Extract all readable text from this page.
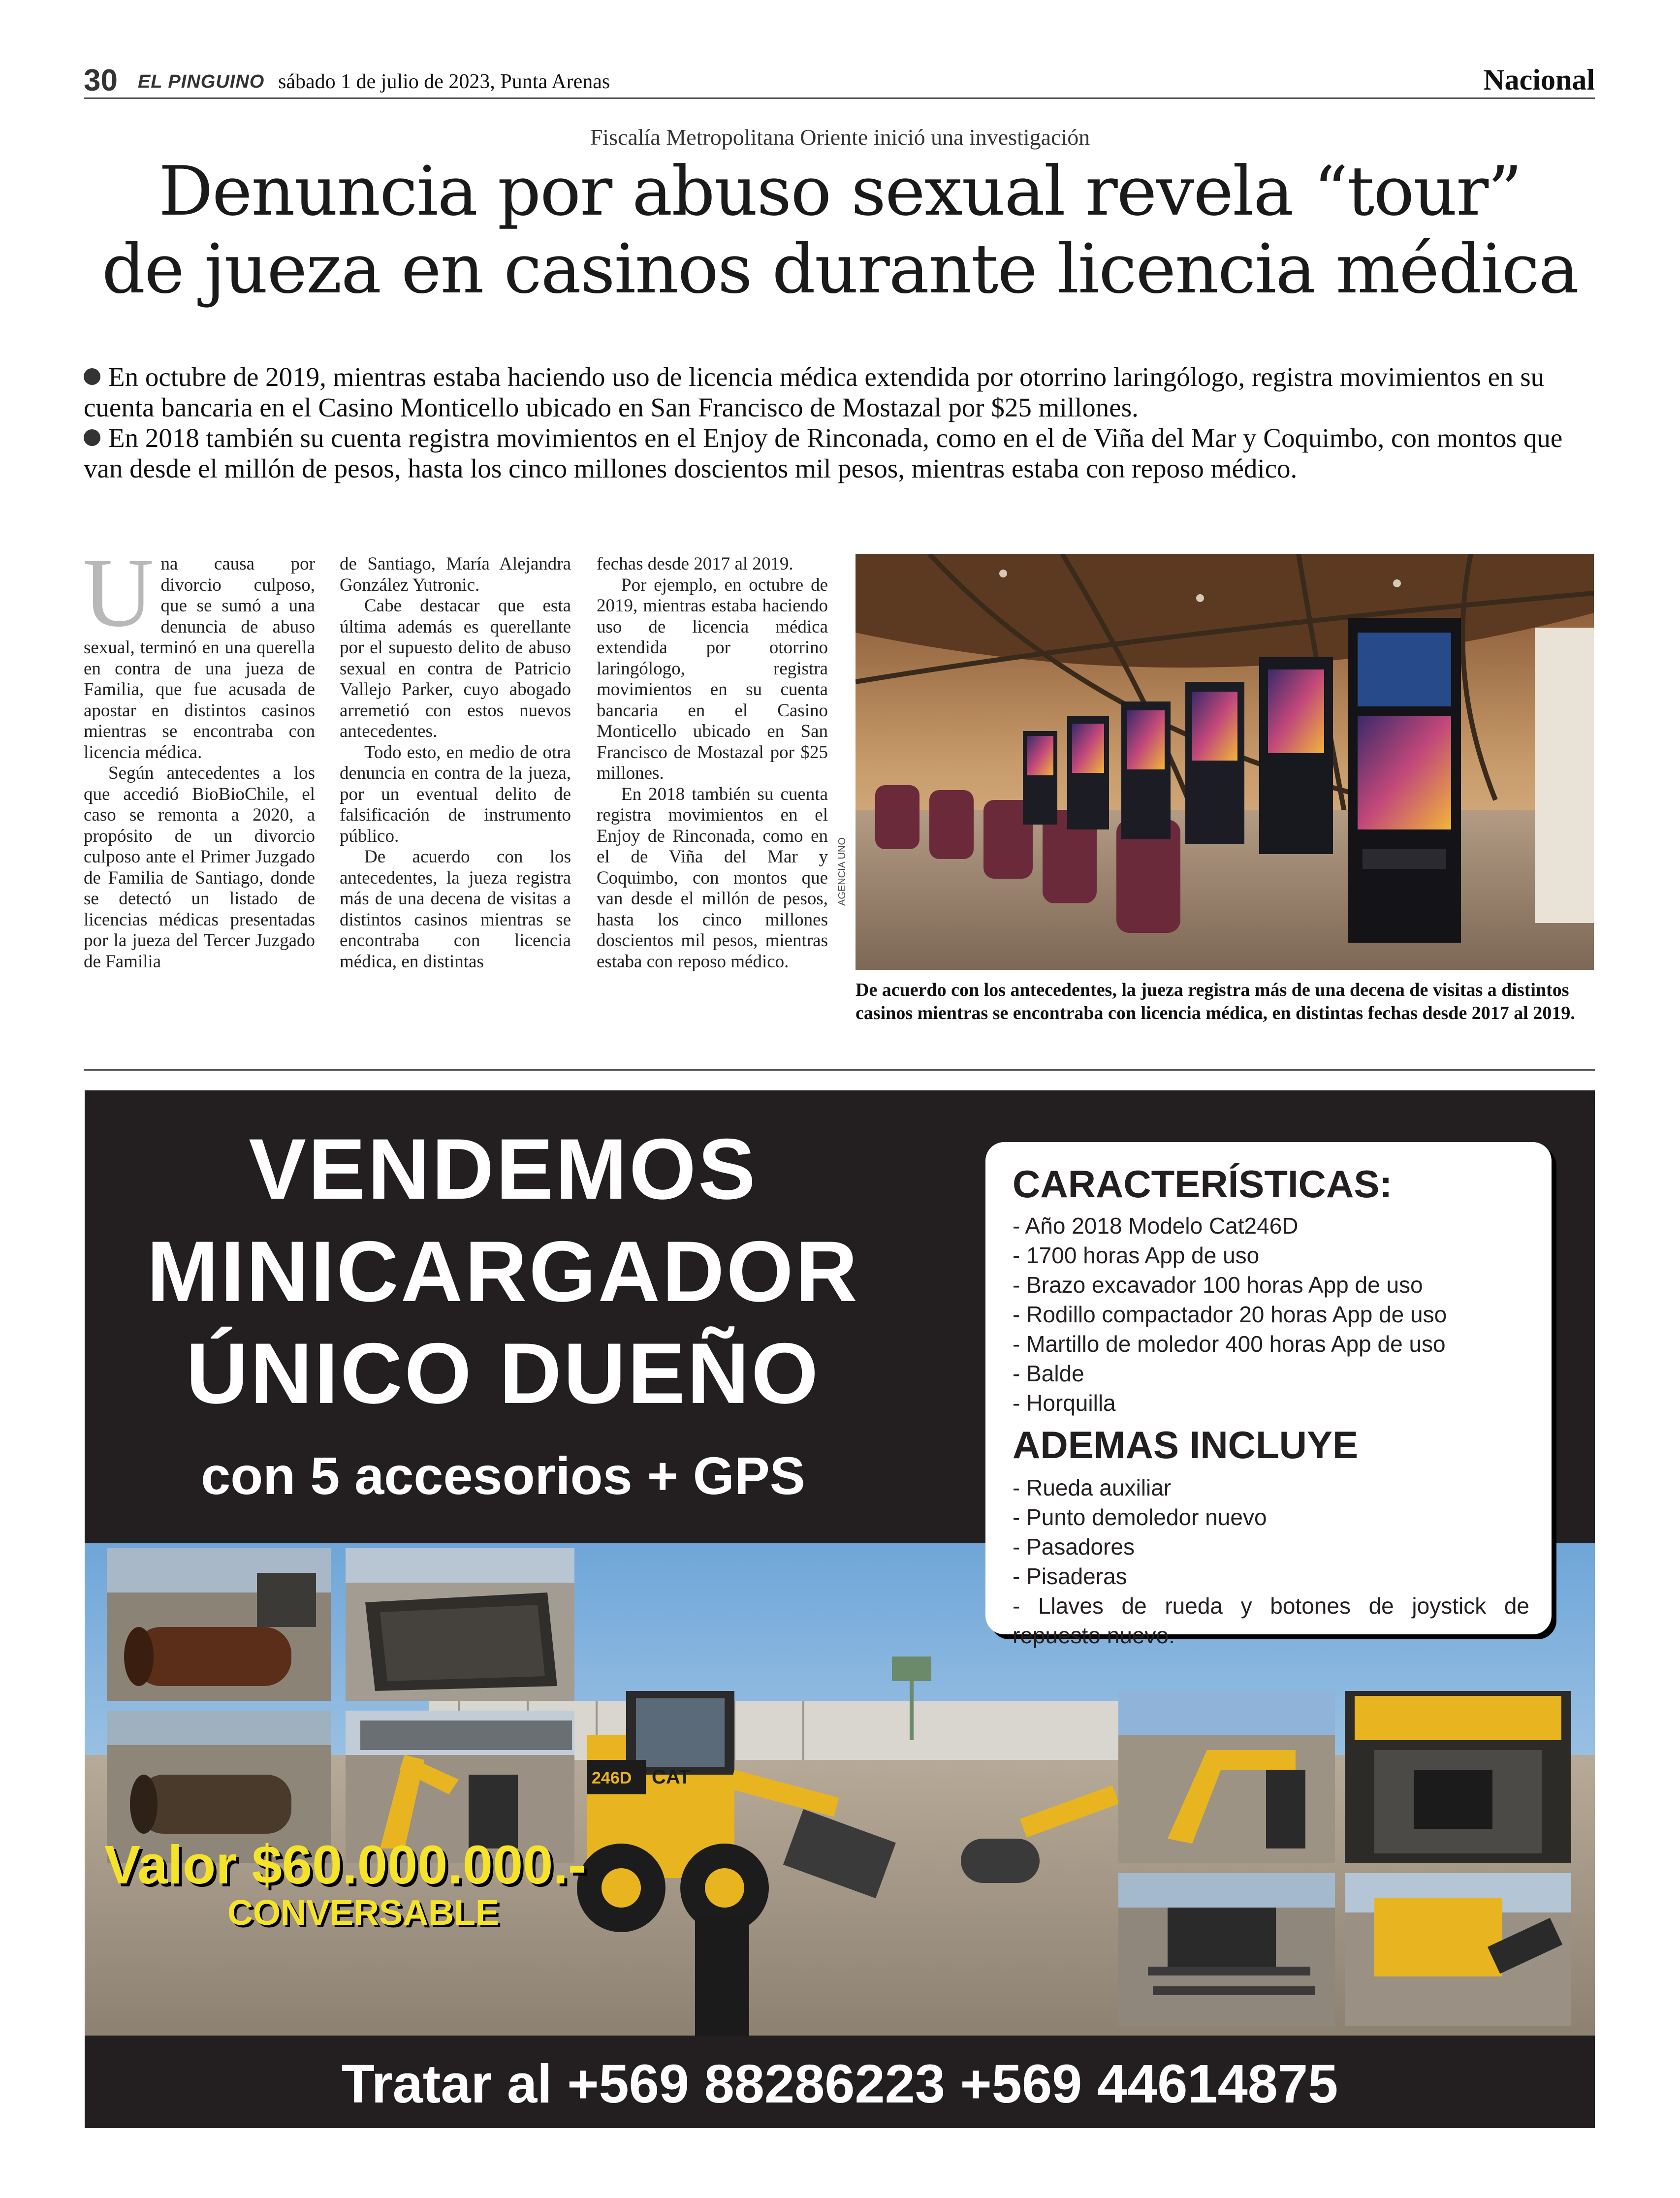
30 EL PINGUINO sábado 1 de julio de 2023, Punta Arenas	Nacional
Fiscalía Metropolitana Oriente inició una investigación
Denuncia por abuso sexual revela “tour”
de jueza en casinos durante licencia médica

En octubre de 2019, mientras estaba haciendo uso de licencia médica extendida por otorrino laringólogo, registra movimientos en su cuenta bancaria en el Casino Monticello ubicado en San Francisco de Mostazal por $25 millones.

En 2018 también su cuenta registra movimientos en el Enjoy de Rinconada, como en el de Viña del Mar y Coquimbo, con montos que van desde el millón de pesos, hasta los cinco millones doscientos mil pesos, mientras estaba con reposo médico.

U na causa por divorcio culposo, que se sumó a una denuncia de abuso sexual, terminó en una querella en contra de una jueza de Familia, que fue acusada de apostar en distintos casinos mientras se encontraba con licencia médica.

Según antecedentes a los que accedió BioBioChile, el caso se remonta a 2020, a propósito de un divorcio culposo ante el Primer Juzgado de Familia de Santiago, donde se detectó un listado de licencias médicas presentadas por la jueza del Tercer Juzgado de Familia

de Santiago, María Alejandra González Yutronic.

Cabe destacar que esta última además es querellante por el supuesto delito de abuso sexual en contra de Patricio Vallejo Parker, cuyo abogado arremetió con estos nuevos antecedentes.

Todo esto, en medio de otra denuncia en contra de la jueza, por un eventual delito de falsificación de instrumento público.

De acuerdo con los antecedentes, la jueza registra más de una decena de visitas a distintos casinos mientras se encontraba con licencia médica, en distintas

fechas desde 2017 al 2019.

Por ejemplo, en octubre de 2019, mientras estaba haciendo uso de licencia médica extendida por otorrino laringólogo, registra movimientos en su cuenta bancaria en el Casino Monticello ubicado en San Francisco de Mostazal por $25 millones.

En 2018 también su cuenta registra movimientos en el Enjoy de Rinconada, como en el de Viña del Mar y Coquimbo, con montos que van desde el millón de pesos, hasta los cinco millones doscientos mil pesos, mientras estaba con reposo médico.

AGENCIA UNO
De acuerdo con los antecedentes, la jueza registra más de una decena de visitas a distintos casinos mientras se encontraba con licencia médica, en distintas fechas desde 2017 al 2019.
VENDEMOS
MINICARGADOR
ÚNICO DUEÑO
con 5 accesorios + GPS
246D CAT
Valor $60.000.000.-
CONVERSABLE
CARACTERÍSTICAS:

- Año 2018 Modelo Cat246D

- 1700 horas App de uso

- Brazo excavador 100 horas App de uso

- Rodillo compactador 20 horas App de uso

- Martillo de moledor 400 horas App de uso

- Balde

- Horquilla

ADEMAS INCLUYE

- Rueda auxiliar

- Punto demoledor nuevo

- Pasadores

- Pisaderas

- Llaves de rueda y botones de joystick de repuesto nuevo.

Tratar al +569 88286223 +569 44614875
